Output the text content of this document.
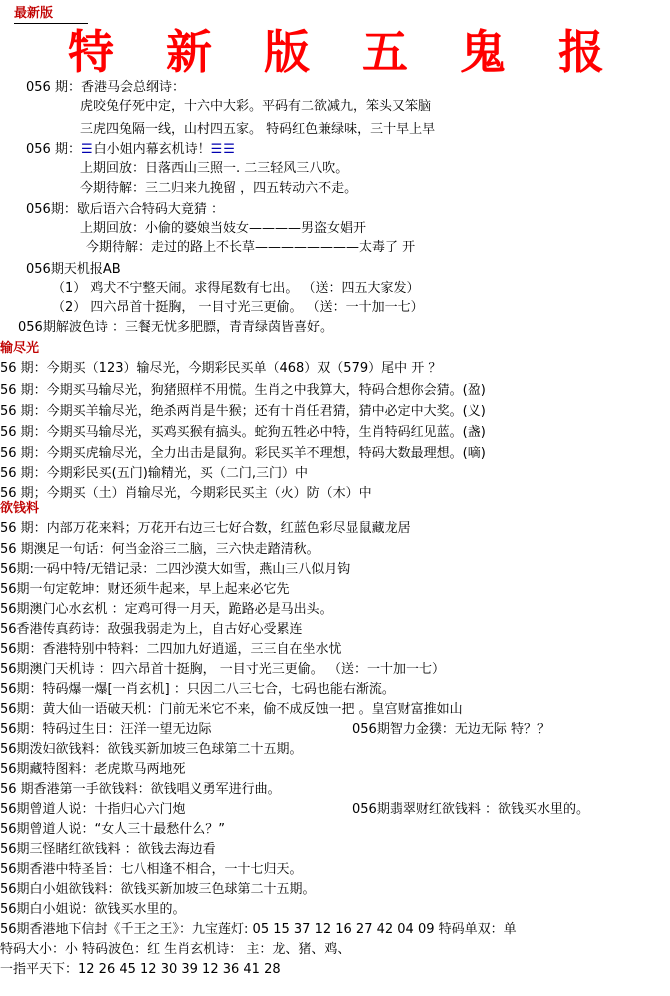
最新版
特 新 版 五 鬼 报
056 期：香港马会总纲诗：
虎咬兔仔死中定，十六中大彩。平码有二欲减九，笨头又笨脑
三虎四兔隔一线，山村四五家。 特码红色兼绿味，三十早上早
056 期：☰白小姐内幕玄机诗！☰☰
上期回放：日落西山三照一. 二三轻风三八吹。
今期待解：三二归来九挽留 ，四五转动六不走。
056期：歇后语六合特码大竟猜 ：
上期回放：小偷的婆娘当妓女————男盗女娼开
今期待解：走过的路上不长草————————太毒了 开
056期天机报AB
（1） 鸡犬不宁整天闹。求得尾数有七出。 （送：四五大家发）
（2） 四六昂首十挺胸， 一目寸光三更偷。 （送：一十加一七）
056期解波色诗 ：三餐无忧多肥膘，青青绿茵皆喜好。
输尽光
56 期：今期买（123）输尽光，今期彩民买单（468）双（579）尾中 开 ？
56 期：今期买马输尽光，狗猪照样不用慌。生肖之中我算大，特码合想你会猜。(盈)
56 期：今期买羊输尽光，绝杀两肖是牛猴；还有十肖任君猜，猜中必定中大奖。(义)
56 期：今期买马输尽光，买鸡买猴有搞头。蛇狗五牲必中特，生肖特码红见蓝。(盏)
56 期：今期买虎输尽光，全力出击是鼠狗。彩民买羊不理想，特码大数最理想。(嘀)
56 期：今期彩民买(五门)输精光，买（二门,三门）中
56 期；今期买（土）肖输尽光，今期彩民买主（火）防（木）中
欲钱料
56 期：内部万花来料；万花开右边三七好合数，红蓝色彩尽显鼠藏龙居
56 期澳足一句话：何当金浴三二脑，三六快走踏清秋。
56期:一码中特/无错记录：二四沙漠大如雪，燕山三八似月钩
56期一句定乾坤：财还须牛起来，早上起来必它先
56期澳门心水玄机 ：定鸡可得一月天，跪路必是马出头。
56香港传真药诗：敌强我弱走为上，自古好心受累连
56期：香港特别中特料：二四加九好逍遥，三三自在坐水忧
56期澳门天机诗 ：四六昂首十挺胸， 一目寸光三更偷。 （送：一十加一七）
56期：特码爆一爆[一肖玄机] ：只因二八三七合，七码也能右渐流。
56期：黄大仙一语破天机：门前无米它不来，偷不成反蚀一把 。皇宫财富推如山
56期：特码过生日：汪洋一望无边际	056期智力金獛：无边无际 特？？
56期泼妇欲钱料：欲钱买新加坡三色球第二十五期。
56期藏特图料：老虎欺马两地死
56 期香港第一手欲钱料：欲钱唱义勇军进行曲。
56期曾道人说：十指归心六门炮	056期翡翠财红欲钱料 ：欲钱买水里的。
56期曾道人说：“女人三十最愁什么？”
56期三怪睹红欲钱料 ：欲钱去海边看
56期香港中特圣旨：七八相逢不相合，一十七归天。
56期白小姐欲钱料：欲钱买新加坡三色球第二十五期。
56期白小姐说：欲钱买水里的。
56期香港地下信封《千王之王》：九宝莲灯: 05 15 37 12 16 27 42 04 09 特码单双：单
特码大小：小 特码波色：红 生肖玄机诗： 主：龙、猪、鸡、
一指平天下：12 26 45 12 30 39 12 36 41 28
